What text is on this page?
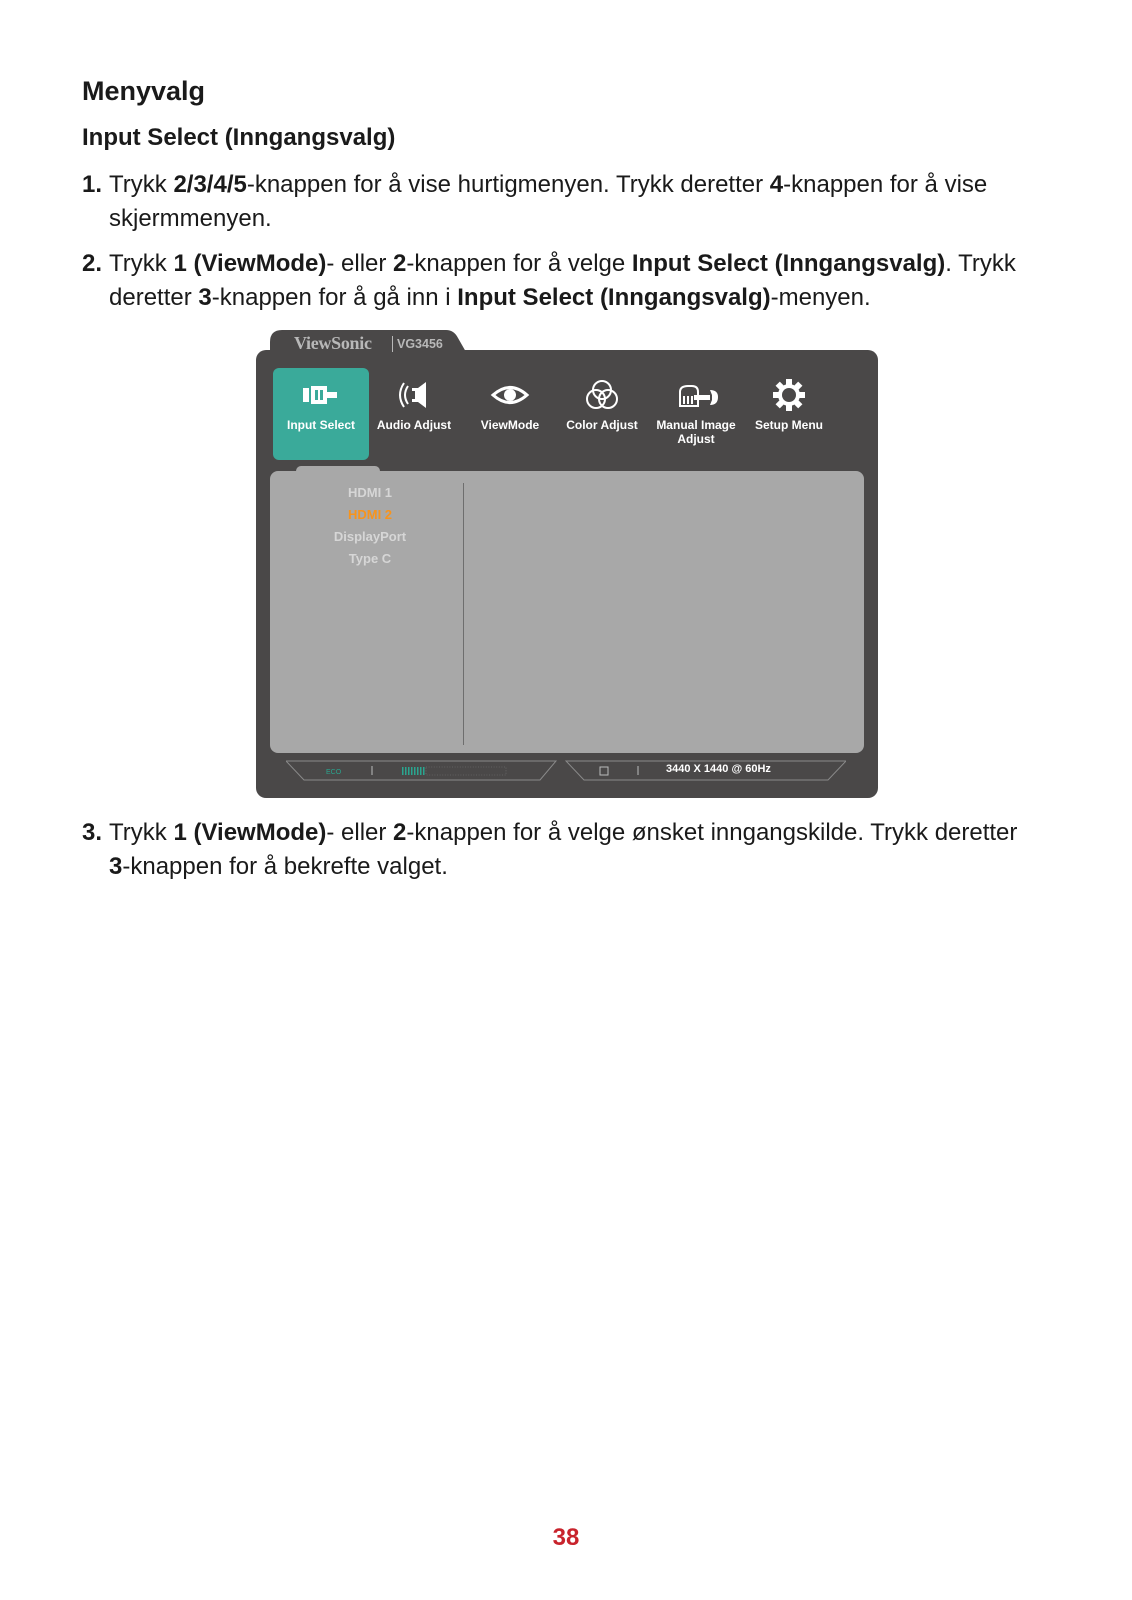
Menyvalg
Input Select (Inngangsvalg)
1. Trykk 2/3/4/5-knappen for å vise hurtigmenyen. Trykk deretter 4-knappen for å vise skjermmenyen.
2. Trykk 1 (ViewMode)- eller 2-knappen for å velge Input Select (Inngangsvalg). Trykk deretter 3-knappen for å gå inn i Input Select (Inngangsvalg)-menyen.
ViewSonic VG3456
Input Select	Audio Adjust	ViewMode	Color Adjust	Manual Image Adjust
Setup Menu
HDMI 1
HDMI 2
DisplayPort
Type C
ECO	3440 X 1440 @ 60Hz
3. Trykk 1 (ViewMode)- eller 2-knappen for å velge ønsket inngangskilde. Trykk deretter 3-knappen for å bekrefte valget.
38
